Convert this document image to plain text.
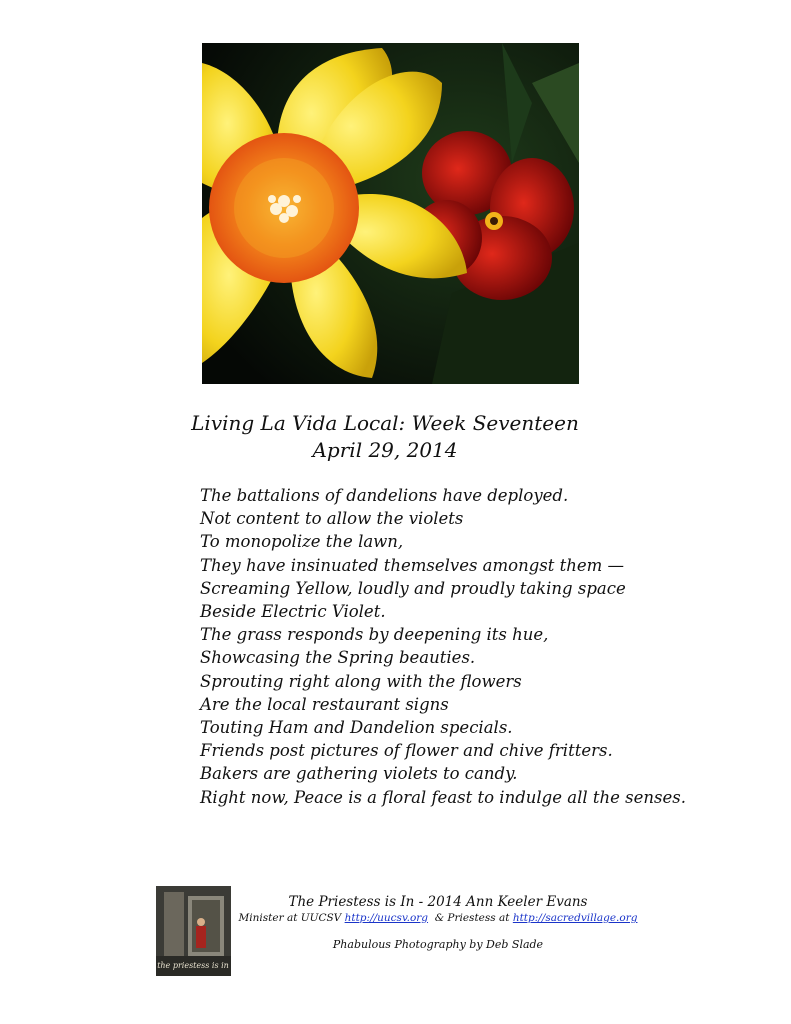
Living La Vida Local: Week Seventeen
April 29, 2014
The battalions of dandelions have deployed.
Not content to allow the violets
To monopolize the lawn,
They have insinuated themselves amongst them —
Screaming Yellow, loudly and proudly taking space
Beside Electric Violet.
The grass responds by deepening its hue,
Showcasing the Spring beauties.
Sprouting right along with the flowers
Are the local restaurant signs
Touting Ham and Dandelion specials.
Friends post pictures of flower and chive fritters.
Bakers are gathering violets to candy.
Right now, Peace is a floral feast to indulge all the senses.
the priestess is in
The Priestess is In - 2014 Ann Keeler Evans
Minister at UUCSV http://uucsv.org & Priestess at http://sacredvillage.org
Phabulous Photography by Deb Slade
